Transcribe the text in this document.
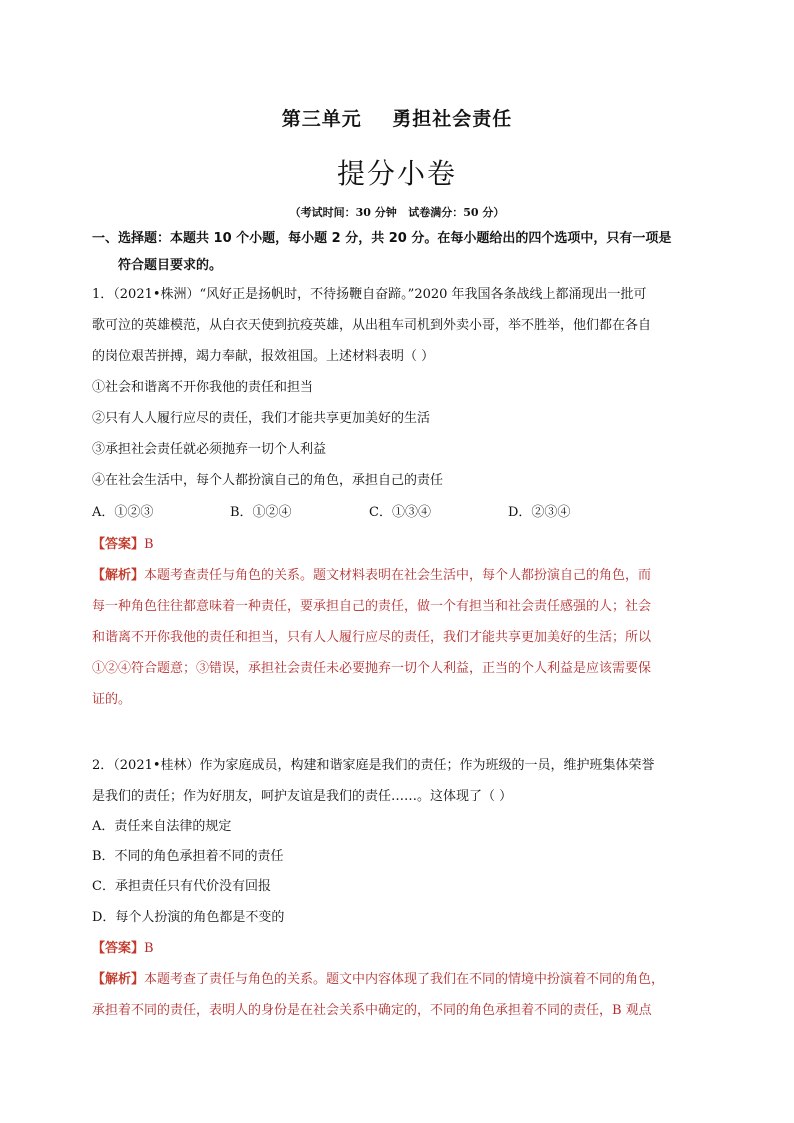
第三单元    勇担社会责任
提分小卷
（考试时间：30 分钟   试卷满分：50 分）
一、选择题：本题共 10 个小题，每小题 2 分，共 20 分。在每小题给出的四个选项中，只有一项是
符合题目要求的。
1．（2021•株洲）“风好正是扬帆时，不待扬鞭自奋蹄。”2020 年我国各条战线上都涌现出一批可
歌可泣的英雄模范，从白衣天使到抗疫英雄，从出租车司机到外卖小哥，举不胜举，他们都在各自
的岗位艰苦拼搏，竭力奉献，报效祖国。上述材料表明（ ）
①社会和谐离不开你我他的责任和担当
②只有人人履行应尽的责任，我们才能共享更加美好的生活
③承担社会责任就必须抛弃一切个人利益
④在社会生活中，每个人都扮演自己的角色，承担自己的责任
A．①②③	B．①②④	C．①③④	D．②③④
【答案】B
【解析】本题考查责任与角色的关系。题文材料表明在社会生活中，每个人都扮演自己的角色，而
每一种角色往往都意味着一种责任，要承担自己的责任，做一个有担当和社会责任感强的人；社会
和谐离不开你我他的责任和担当，只有人人履行应尽的责任，我们才能共享更加美好的生活；所以
①②④符合题意；③错误，承担社会责任未必要抛弃一切个人利益，正当的个人利益是应该需要保
证的。
2．（2021•桂林）作为家庭成员，构建和谐家庭是我们的责任；作为班级的一员，维护班集体荣誉
是我们的责任；作为好朋友，呵护友谊是我们的责任……。这体现了（ ）
A．责任来自法律的规定
B．不同的角色承担着不同的责任
C．承担责任只有代价没有回报
D．每个人扮演的角色都是不变的
【答案】B
【解析】本题考查了责任与角色的关系。题文中内容体现了我们在不同的情境中扮演着不同的角色，
承担着不同的责任，表明人的身份是在社会关系中确定的，不同的角色承担着不同的责任，B 观点
